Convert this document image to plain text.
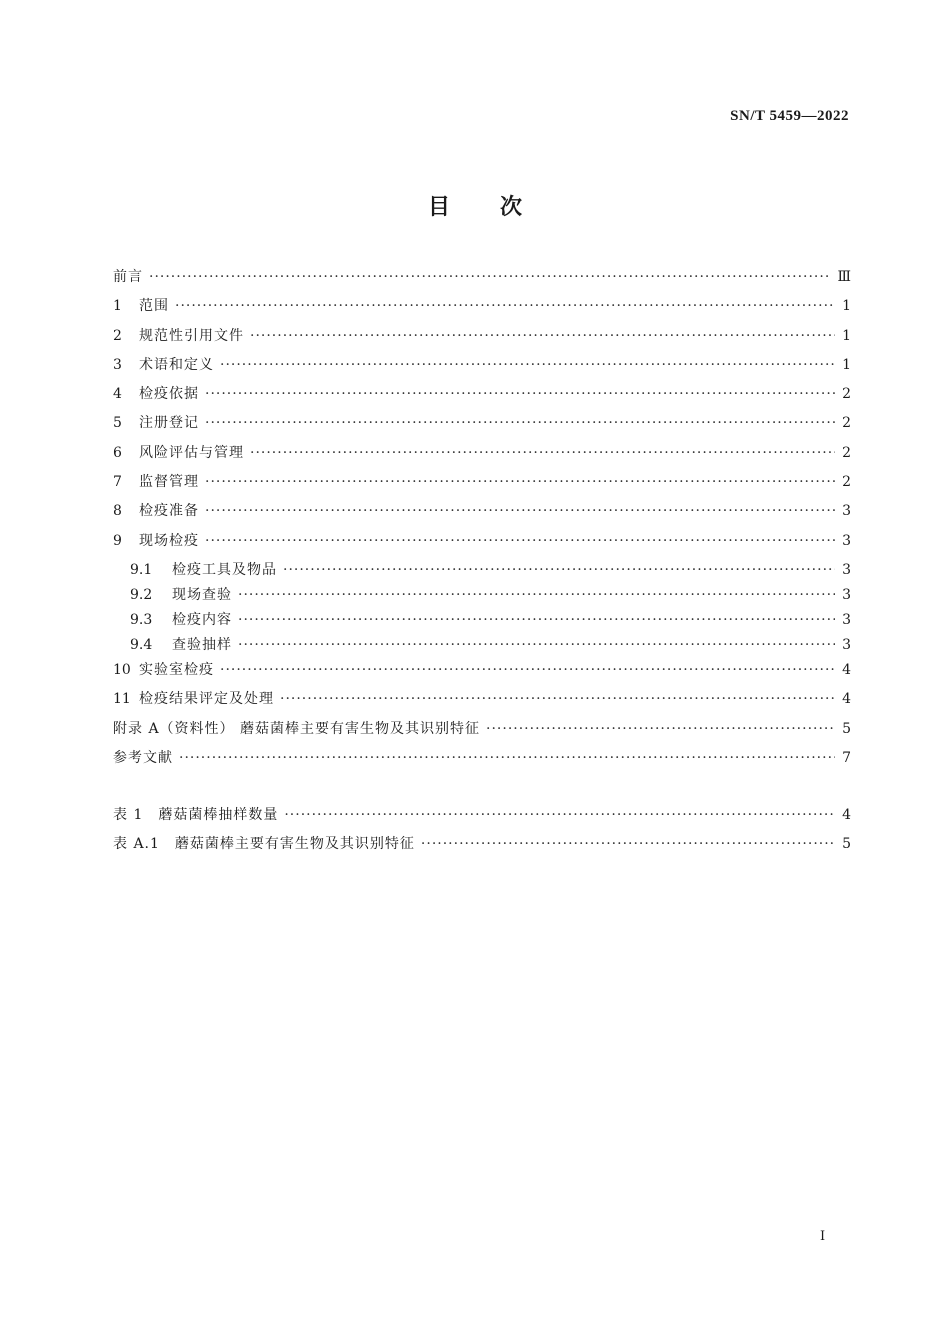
SN/T 5459—2022
目次
前言 ·····	Ⅲ
1	范围 ·····	1
2	规范性引用文件 ·····	1
3	术语和定义 ·····	1
4	检疫依据 ·····	2
5	注册登记 ·····	2
6	风险评估与管理 ·····	2
7	监督管理 ·····	2
8	检疫准备 ·····	3
9	现场检疫 ·····	3
9.1	检疫工具及物品 ·····	3
9.2	现场查验 ·····	3
9.3	检疫内容 ·····	3
9.4	查验抽样 ·····	3
10 实验室检疫 ·····	4
11 检疫结果评定及处理 ·····	4
附录 A（资料性） 蘑菇菌棒主要有害生物及其识别特征 ·····	5
参考文献 ·····	7
表 1　蘑菇菌棒抽样数量 ·····	4
表 A.1　蘑菇菌棒主要有害生物及其识别特征 ·····	5
I
